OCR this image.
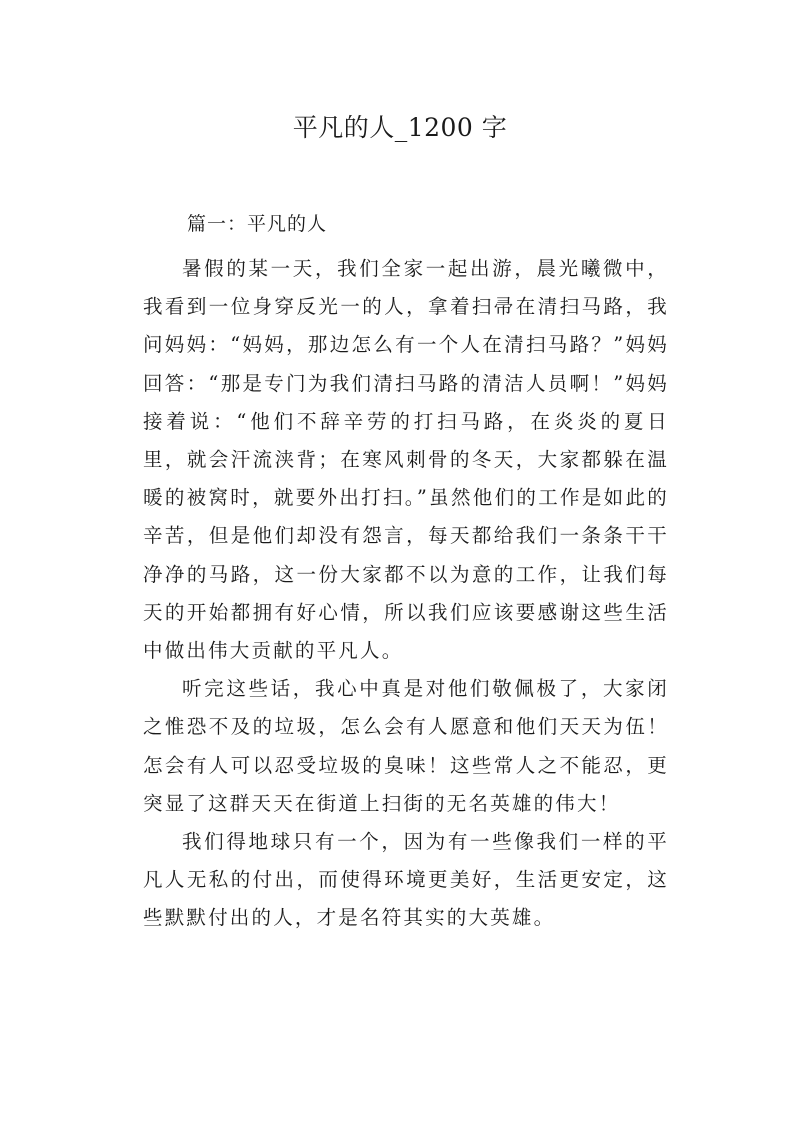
平凡的人_1200 字
篇一：平凡的人

暑假的某一天，我们全家一起出游，晨光曦微中，我看到一位身穿反光一的人，拿着扫帚在清扫马路，我问妈妈：“妈妈，那边怎么有一个人在清扫马路？”妈妈回答：“那是专门为我们清扫马路的清洁人员啊！”妈妈接着说：“他们不辞辛劳的打扫马路，在炎炎的夏日里，就会汗流浃背；在寒风刺骨的冬天，大家都躲在温暖的被窝时，就要外出打扫。”虽然他们的工作是如此的辛苦，但是他们却没有怨言，每天都给我们一条条干干净净的马路，这一份大家都不以为意的工作，让我们每天的开始都拥有好心情，所以我们应该要感谢这些生活中做出伟大贡献的平凡人。

听完这些话，我心中真是对他们敬佩极了，大家闭之惟恐不及的垃圾，怎么会有人愿意和他们天天为伍！怎会有人可以忍受垃圾的臭味！这些常人之不能忍，更突显了这群天天在街道上扫街的无名英雄的伟大！

我们得地球只有一个，因为有一些像我们一样的平凡人无私的付出，而使得环境更美好，生活更安定，这些默默付出的人，才是名符其实的大英雄。
